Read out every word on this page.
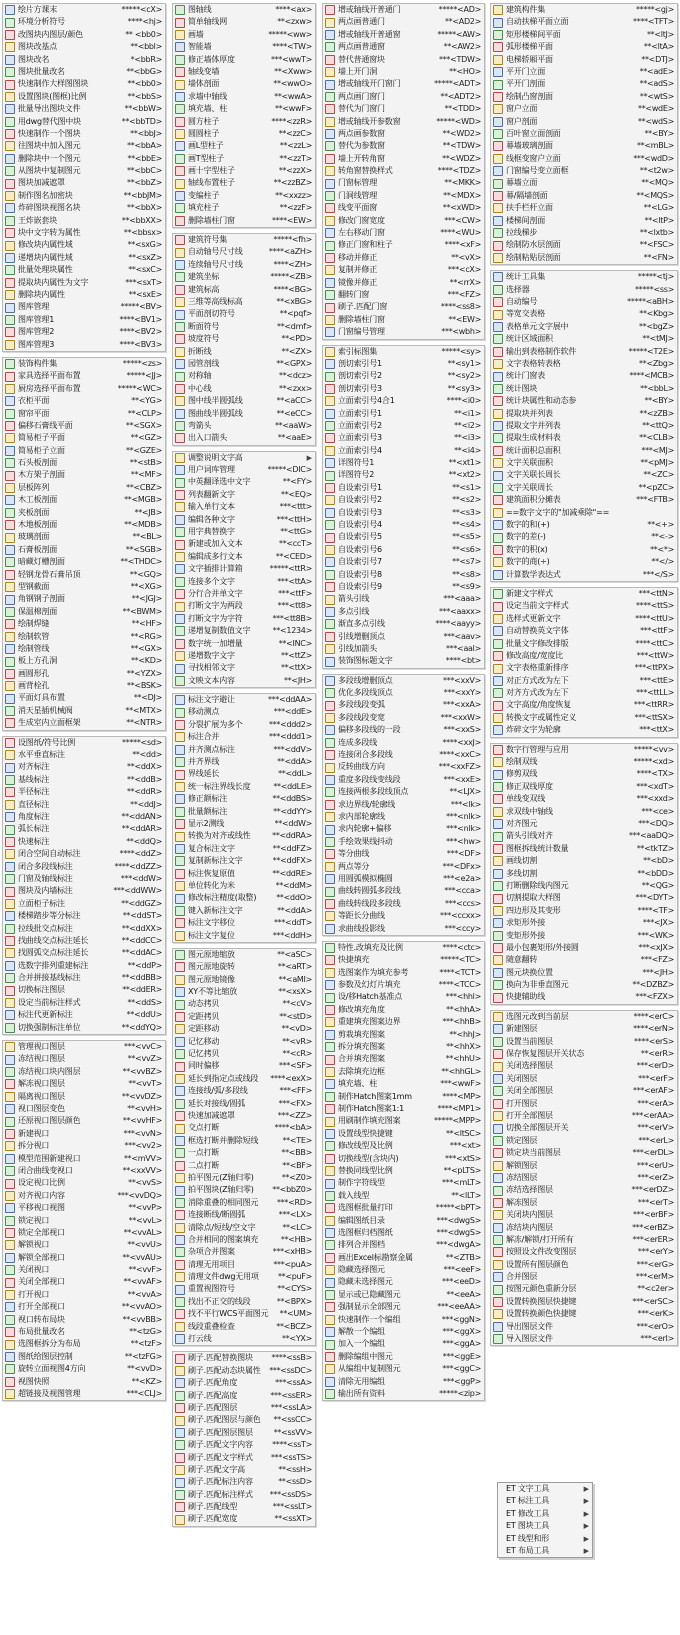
绘片方课末	*****<cX>
环境分析符号	****<hj>
改图块内图层/颜色	** <bb0>
图块改基点	**<bbl>
图块改名	*<bbR>
图块批量改名	**<bbG>
快速制作大样图图块	**<bb0>
设置图块(图框)比例	**<bbS>
批量导出图块文件	**<bbW>
用dwg替代图中块	**<bbTD>
快速制作一个图块	**<bbJ>
往图块中加入图元	**<bbA>
删除块中一个图元	**<bbE>
从图块中复制图元	**<bbC>
图块加减遮罩	**<bbZ>
制作图名加密块	**<bbJM>
炸碎图块视图名块	**<bbX>
王炸嵌套块	**<bbXX>
块中文字转为属性	**<bbsx>
修改块内属性域	**<sxG>
递增块内属性域	**<sxZ>
批量处理块属性	**<sxC>
提取块内属性为文字	***<sxT>
删除块内属性	**<sxE>
图库管理	*****<BV>
图库管理1	****<BV1>
图库管理2	****<BV2>
图库管理3	****<BV3>
装饰构件集	*****<zs>
家具选择平面布置	*****<JJ>
厨房选择平面布置	*****<WC>
衣柜平面	**<YG>
窗帘平面	**<CLP>
偏移石膏线平面	**<SGX>
简易柜子平面	**<GZ>
简易柜子立面	**<GZE>
石头板剖面	**<stB>
木方架子剖面	**<MF>
层板阵列	**<CBZ>
木工板剖面	**<MGB>
夹板剖面	**<JB>
木地板剖面	**<MDB>
玻璃剖面	**<BL>
石膏板剖面	**<SGB>
暗藏灯槽剖面	**<THDC>
轻钢龙骨石膏吊顶	**<GQ>
型钢截面	**<XG>
角钢钢子剖面	**<JGJ>
保温棉剖面	**<BWM>
绘制焊缝	**<HF>
绘制软管	**<RG>
绘制管线	**<GX>
板上方孔洞	**<KD>
画圆形孔	**<YZX>
画背栓孔	**<BSK>
平面灯具布置	**<DJ>
消天星插机械阀	**<MTX>
生成室内立面框架	**<NTR>
设图纸/符号比例	*****<sd>
水平垂直标注	**<dd>
对齐标注	**<ddX>
基线标注	**<ddB>
半径标注	**<ddR>
直径标注	**<ddJ>
角度标注	**<ddAN>
弧长标注	**<ddAR>
快速标注	**<ddQ>
闭合空间自动标注	****<ddZ>
闭合多段线标注	****<ddZZ>
门窗及轴线标注	***<ddW>
图块及内墙标注	***<ddWW>
立面柜子标注	**<ddGZ>
楼梯踏步等分标注	**<ddST>
拉线批交点标注	**<ddXX>
找曲线交点标注延长	**<ddCC>
找圆弧交点标注延长	**<ddAC>
选数字排列重建标注	**<ddP>
合并拼接基线标注	**<ddBB>
切换标注图层	**<ddER>
设定当前标注样式	**<ddS>
标注代更新标注	**<ddU>
切换强制标注单位	**<ddYQ>
管理视口图层	***<vvC>
冻结视口图层	**<vvZ>
冻结视口块内图层	**<vvBZ>
解冻视口图层	**<vvT>
隔离视口图层	**<vvDZ>
视口图层变色	**<vvH>
还原视口图层颜色	**<vvHF>
新建视口	***<vvN>
拆分视口	***<vv2>
模型范围新建视口	**<mVV>
闭合曲线变视口	**<xxVV>
设定视口比例	**<vvS>
对齐视口内容	***<vvDQ>
平移视口视图	**<vvP>
锁定视口	**<vvL>
锁定全部视口	**<vvAL>
解锁视口	**<vvU>
解锁全部视口	**<vvAU>
关闭视口	**<vvF>
关闭全部视口	**<vvAF>
打开视口	**<vvA>
打开全部视口	**<vvAO>
视口转布局块	**<vvBB>
布局批量改名	**<tzG>
选图框拆分为布局	**<tzF>
图纸给图层控制	**<tzFG>
旋转立面视图4方向	**<vvD>
视图快照	**<KZ>
超链接及视图管理	***<CLJ>
图轴线	****<ax>
简单轴线网	**<zxw>
画墙	*****<ww>
智能墙	****<TW>
修正墙体厚度	***<wwT>
轴线变墙	**<Xww>
墙体剖面	**<wwO>
求墙中轴线	**<wwA>
填充墙、柱	**<wwF>
圆方柱子	****<zzR>
圆圆柱子	**<zzC>
画L型柱子	**<zzL>
画T型柱子	**<zzT>
画十字型柱子	**<zzX>
轴线布置柱子	**<zzBZ>
变编柱子	**<xxzz>
填充柱子	**<zzF>
删除墙柱门窗	****<EW>
建筑符号集	*****<fh>
自动轴号尺寸线	****<aZH>
连续轴号尺寸线	****<ZH>
建筑坐标	*****<ZB>
建筑标高	****<BG>
三维等高线标高	**<xBG>
平面剖切符号	**<pqf>
断面符号	**<dmf>
坡度符号	**<PD>
折断线	**<ZX>
园管剖线	**<GPX>
对称轴	**<dcz>
中心线	**<zxx>
图中线半圆弧线	**<aCC>
图曲线半圆弧线	**<eCC>
弯箭头	**<aaW>
出入口箭头	**<aaE>
调整说明文字高	▶
用户词库管理	*****<DIC>
中英翻译选中文字	**<FY>
列表翻新文字	**<EQ>
输入单行文本	***<ttt>
编辑各种文字	***<ttH>
用字典替换字	**<ttG>
新建或加入文本	**<ccT>
编辑成多行文本	**<CED>
文字插排计算箱	*****<ttR>
连接多个文字	***<ttA>
分行合并单文字	***<ttF>
打断文字为两段	***<tt8>
打断文字为字符	***<tt8B>
递增复制数值文字	**<1234>
数字统一加增量	**<INC>
递增数字文字	**<ttZ>
寻找相邻文字	**<ttX>
文映文本内容	**<JH>
标注文字避让	***<ddAA>
移动测点	***<ddE>
分裂扩展为多个	***<ddd2>
标注合并	***<ddd1>
并齐测点标注	***<ddV>
并齐界线	**<ddA>
界线延长	**<ddL>
统一标注界线长度	**<ddLE>
修正额标注	**<ddBS>
批量额标注	**<ddYY>
显示2测线	**<ddW>
转换为对齐或线性	**<ddRA>
复合标注文字	**<ddFZ>
复制新标注文字	**<ddFX>
标注恢复原值	**<ddRE>
单位转化为米	**<ddM>
修改标注精度(取整) **<ddO>
键入新标注文字	**<ddA>
标注文字移位	***<ddT>
标注文字复位	***<ddH>
图元原地缩放	**<aSC>
图元原地旋转	**<aRT>
图元原地镜像	**<aMI>
XY不等比缩放	**<xsX>
动态拷贝	**<cV>
定距拷贝	**<stD>
定距移动	**<vD>
记忆移动	**<vR>
记忆拷贝	**<cR>
同时偏移	***<SF>
延长到指定点或线段 ****<exX>
连接线/弧/多段线	***<FF>
延长对接线/圆弧	***<FX>
快速加减遮罩	***<ZZ>
交点打断	****<bA>
框选打断并删除短线	**<TE>
一点打断	**<BB>
二点打断	**<BF>
拍平图元(Z轴归零)	**<Z0>
拍平图块(Z轴归零) **<bbZ0>
消除重叠的相同图元 ***<RD>
连接断线/断圆弧	***<LX>
清除点/短线/空文字	**<LC>
合并相同的图案填充	**<HB>
杂项合并图案	***<xHB>
清理无用项目	***<puA>
清理文件dwg无用项 **<puF>
重置视图符号	**<CYS>
找出不正交的线段	**<BPX>
找不平行WCS平面图元 **<UM>
线段重叠检查	**<BCZ>
打云线	**<YX>
刷子.匹配替换图块 ****<ssB>
刷子.匹配动态块属性 ***<ssDC>
刷子.匹配角度	***<ssA>
刷子.匹配高度	***<ssER>
刷子.匹配图层	***<ssLA>
刷子.匹配图层与颜色 **<ssCC>
刷子.匹配图层图层	**<ssVV>
刷子.匹配文字内容 ****<ssT>
刷子.匹配文字样式 ***<ssTS>
刷子.匹配文字高	**<ssH>
刷子.匹配标注内容	**<ssD>
刷子.匹配标注样式 ***<ssDS>
刷子.匹配线型	***<ssLT>
刷子.匹配宽度	**<ssXT>
增或轴线开普通门	*****<AD>
两点画普通门	**<AD2>
增或轴线开普通窗	*****<AW>
两点画普通窗	**<AW2>
替代普通窗块	***<TDW>
墙上开门洞	**<HO>
增或轴线开门窗门	*****<ADT>
两点画门窗门	**<ADT2>
替代为门窗门	**<TDD>
增或轴线开参数窗	*****<WD>
两点画参数窗	**<WD2>
替代为参数窗	**<TDW>
墙上开转角窗	**<WDZ>
转角窗替换样式	****<TDZ>
门窗标管理	**<MKK>
门洞线管理	**<MDX>
线变平面窗	**<xWD>
修改门窗宽度	***<CW>
左右移动门窗	****<WU>
修正门窗和柱子	****<xF>
移动并修正	**<vX>
复制并修正	***<cX>
镜像并修正	**<rrX>
翻转门窗	***<FZ>
刷子.匹配门窗	****<ss8>
删除墙柱门窗	**<EW>
门窗编号管理	***<wbh>
索引标图集	*****<sy>
剖切索引号1	**<sy1>
剖切索引号2	**<sy2>
剖切索引号3	**<sy3>
立面索引号4合1	****<i0>
立面索引号1	**<i1>
立面索引号2	**<i2>
立面索引号3	**<i3>
立面索引号4	**<i4>
详图符号1	**<xt1>
详图符号2	**<xt2>
自设索引号1	**<s1>
自设索引号2	**<s2>
自设索引号3	**<s3>
自设索引号4	**<s4>
自设索引号5	**<s5>
自设索引号6	**<s6>
自设索引号7	**<s7>
自设索引号8	**<s8>
自设索引号9	**<s9>
箭头引线	***<aaa>
多点引线	***<aaxx>
渐直多点引线	****<aayy>
引线增删顶点	***<aav>
引线加箭头	***<aal>
装饰图标题文字	****<bt>
多段线增删顶点	***<xxV>
优化多段线顶点	***<xxY>
多段线段变弧	***<xxA>
多段线段变宽	***<xxW>
偏移多段线的一段	***<xxS>
连成多段线	****<xxJ>
连接闭合多段线	****<xxC>
反转曲线方向	***<xxFZ>
重度多段线变线段	***<xxE>
连接两根多段线顶点	**<LJX>
求边界线/轮廓线	***<lk>
求内部轮廓线	***<nlk>
求内轮廓+偏移	***<nlk>
手绘效果线抖动	***<hw>
等分曲线	***<DF>
两点等分	***<DFx>
用圆弧模拟椭圆	***<e2a>
曲线转圆弧多段线	***<cca>
曲线转线段多段线	***<ccs>
等距长分曲线	***<ccxx>
求曲线投影线	***<ccy>
特性.改填充及比例	****<ctc>
快捷填充	*****<TC>
选图案作为填充参考	****<TCT>
参数及幻灯片填充	****<TCC>
设/移Hatch基准点	***<hhl>
修改填充角度	**<hhA>
重建填充图案边界	***<hhB>
剪栽填充图案	**<hhJ>
拆分填充图案	**<hhX>
合并填充图案	**<hhU>
去除填充边框	**<hhGL>
填充墙、柱	***<wwF>
制作Hatch图案1mm	****<MP>
制作Hatch图案1:1	****<MP1>
用刷制作填充图案	*****<MPP>
设置线型快捷键	**<ltSC>
修改线型及比例	***<xt>
切换线型(含块内)	***<xtS>
替换同线型比例	**<pLTS>
制作字符线型	***<mLT>
载入线型	**<lLT>
选图框批量打印	*****<bPT>
编辑图纸目录	***<dwgS>
选图框归档图纸	***<dwgS>
排列合并图档	***<dwgA>
画出Excel标勘察金属	**<ZTB>
隐藏选择图元	***<eeF>
隐藏未选择图元	***<eeD>
显示或已隐藏图元	**<eeA>
强制显示全部图元	***<eeAA>
快速制作一个编组	***<ggN>
解散一个编组	***<ggX>
加入一个编组	***<ggA>
删除编组中图元	***<ggE>
从编组中复制图元	***<ggC>
清除无用编组	***<ggP>
输出所有资料	*****<zip>
建筑构件集	*****<gj>
自动扶梯平面立面	****<TFT>
矩形楼梯间平面	**<ltJ>
弧形楼梯平面	**<ltA>
电梯轿厢平面	**<DTJ>
平开门立面	**<adE>
平开门剖面	**<adS>
绘制凸窗剖面	**<wtS>
窗户立面	**<wdE>
窗户剖面	**<wdS>
百叶窗立面剖面	**<BY>
幕墙玻璃剖面	**<mBL>
线框变窗户立面	***<wdD>
门窗编号变立面框	**<t2w>
幕墙立面	**<MQ>
幕/隔墙剖面	**<MQS>
扶手栏杆立面	**<LG>
楼梯间剖面	**<ltP>
拉线梯步	**<lxtb>
绘制防水层剖面	**<FSC>
绘制粘贴层剖面	**<FN>
统计工具集	*****<tj>
选择器	*****<ss>
自动编号	*****<aBH>
等宽交表格	**<Kbg>
表格单元文字展中	**<bgZ>
统计区域面积	**<tMJ>
输出到表格制作软件	*****<T2E>
文字表格转表格	**<Zbg>
统计门窗表	****<MCB>
统计图块	**<bbL>
统计块属性和动态参	**<BY>
提取块并列表	**<zZB>
提取文字并列表	**<ttQ>
提取生成材料表	**<CLB>
统计面积总面积	***<MJ>
文字关联面积	**<pMJ>
文字关联长周长	**<ZC>
文字关联周长	**<pZC>
建筑面积分摊表	***<FTB>
==数字文字的"加减乘除"==
数字的和(+)	**<+>
数字的差(-)	**<->
数字的积(x)	**<*>
数字的商(÷)	**</>
计算数学表达式	***</S>
新建文字样式	***<ttN>
设定当前文字样式	****<ttS>
选样式更新文字	****<ttU>
自动替换英文字体	***<ttF>
批量文字修改排版	****<ttC>
修改高度/宽度比	***<ttW>
文字表格重新排序	***<ttPX>
对正方式改为左下	***<ttE>
对齐方式改为左下	***<ttLL>
文字高度/角度恢复	***<ttRR>
转换文字或属性定义	***<ttSX>
炸碎文字为轮廓	***<ttX>
数字行管理与应用	*****<vv>
绘制双线	*****<xd>
修剪双线	****<TX>
修正双线厚度	***<xdT>
单线变双线	***<xxd>
求双线中轴线	***<ce>
对齐图元	***<DQ>
箭头引线对齐	***<aaDQ>
图框拆线统计数量	**<tkTZ>
画线切割	**<bD>
多线切割	**<bDD>
打断删除线内图元	**<QG>
切割提取大样图	***<DYT>
四边形及其变形	****<TF>
求矩形外接	***<JX>
变矩形外接	***<WK>
最小包裹矩形/外接圆	***<xJX>
随意翻转	***<FZ>
图元块换位置	***<JH>
换向为非垂直图元	**<DZBZ>
快捷辅助线	***<FZX>
选图元改到当前层	****<erC>
新建图层	****<erN>
设置当前图层	****<erS>
保存恢复图层开关状态	**<erR>
关闭选择图层	***<erD>
关闭图层	***<erF>
关闭全部图层	***<erAF>
打开图层	***<erA>
打开全部图层	***<erAA>
切换全部图层开关	***<erV>
锁定图层	***<erL>
锁定块当前图层	***<erDL>
解锁图层	***<erU>
冻结图层	***<erZ>
冻结选择图层	***<erDZ>
解冻图层	***<erT>
关闭块内图层	***<erBF>
冻结块内图层	***<erBZ>
解冻/解锁/打开所有	***<erER>
按照设文件改变图层	***<erY>
设置所有图层颜色	***<erG>
合并图层	***<erM>
按图元颜色重新分层	**<c2er>
设置转换图层快捷键	***<erSC>
设置转换颜色快捷键	***<erK>
导出图层文件	***<erO>
导入图层文件	***<erI>
ET 文字工具	▶
ET 标注工具	▶
ET 修改工具	▶
ET 图块工具	▶
ET 线型和形	▶
ET 布局工具	▶
